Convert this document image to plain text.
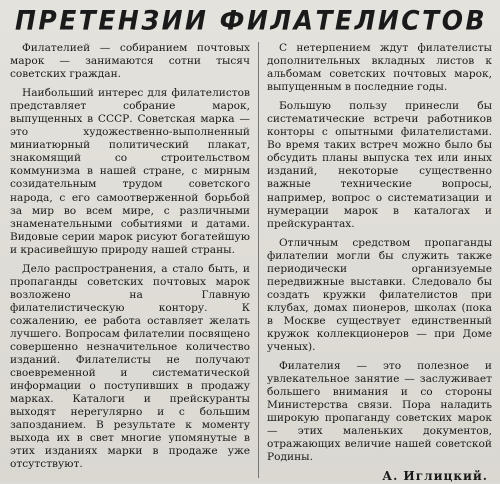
ПРЕТЕНЗИИ ФИЛАТЕЛИСТОВ

Филателией — собиранием почтовых марок — занимаются сотни тысяч советских граждан.

Наибольший интерес для филателистов представляет собрание марок, выпущенных в СССР. Советская марка — это художественно-выполненный миниатюрный политический плакат, знакомящий со строительством коммунизма в нашей стране, с мирным созидательным трудом советского народа, с его самоотверженной борьбой за мир во всем мире, с различными знаменательными событиями и датами. Видовые серии марок рисуют богатейшую и красивейшую природу нашей страны.

Дело распространения, а стало быть, и пропаганды советских почтовых марок возложено на Главную филателистическую контору. К сожалению, ее работа оставляет желать лучшего. Вопросам филателии посвящено совершенно незначительное количество изданий. Филателисты не получают своевременной и систематической информации о поступивших в продажу марках. Каталоги и прейскуранты выходят нерегулярно и с большим запозданием. В результате к моменту выхода их в свет многие упомянутые в этих изданиях марки в продаже уже отсутствуют.

С нетерпением ждут филателисты дополнительных вкладных листов к альбомам советских почтовых марок, выпущенным в последние годы.

Большую пользу принесли бы систематические встречи работников конторы с опытными филателистами. Во время таких встреч можно было бы обсудить планы выпуска тех или иных изданий, некоторые существенно важные технические вопросы, например, вопрос о систематизации и нумерации марок в каталогах и прейскурантах.

Отличным средством пропаганды филателии могли бы служить также периодически организуемые передвижные выставки. Следовало бы создать кружки филателистов при клубах, домах пионеров, школах (пока в Москве существует единственный кружок коллекционеров — при Доме ученых).

Филателия — это полезное и увлекательное занятие — заслуживает большего внимания и со стороны Министерства связи. Пора наладить широкую пропаганду советских марок — этих маленьких документов, отражающих величие нашей советской Родины.

А. Иглицкий.
